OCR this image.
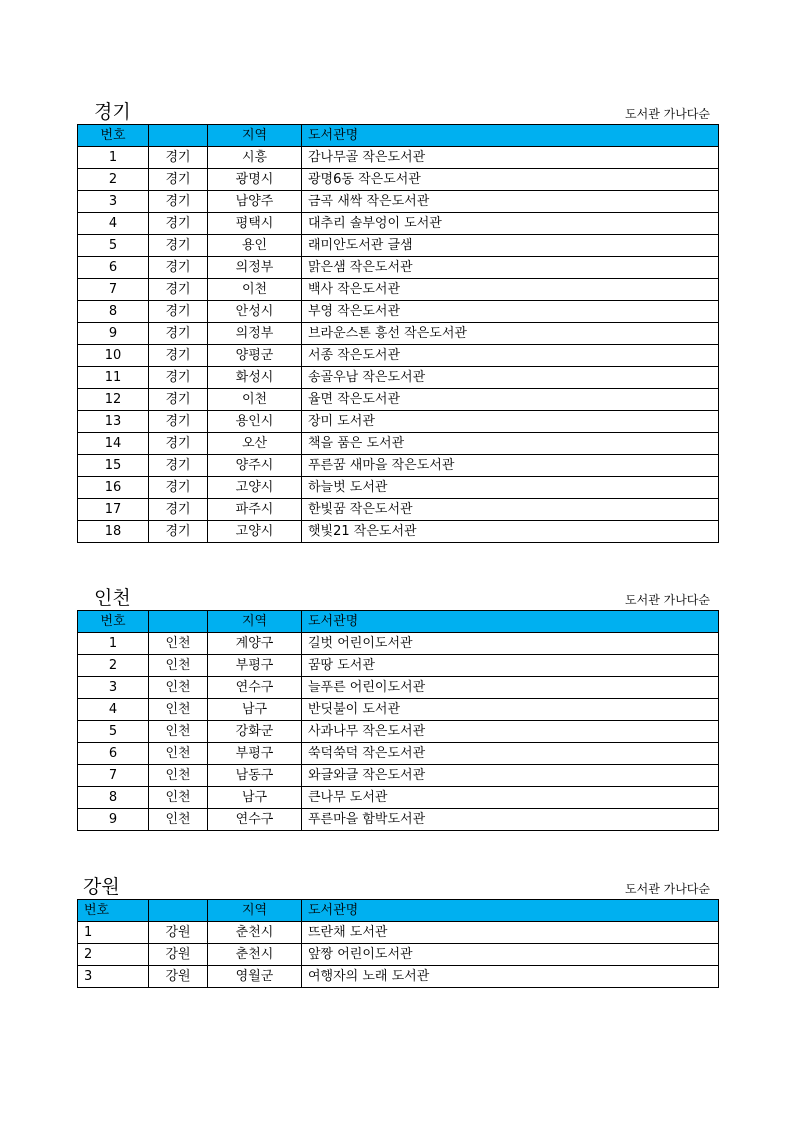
경기	도서관 가나다순
번호		지역	도서관명
1	경기	시흥	감나무골 작은도서관
2	경기	광명시	광명6동 작은도서관
3	경기	남양주	금곡 새싹 작은도서관
4	경기	평택시	대추리 솔부엉이 도서관
5	경기	용인	래미안도서관 글샘
6	경기	의정부	맑은샘 작은도서관
7	경기	이천	백사 작은도서관
8	경기	안성시	부영 작은도서관
9	경기	의정부	브라운스톤 흥선 작은도서관
10	경기	양평군	서종 작은도서관
11	경기	화성시	송골우남 작은도서관
12	경기	이천	율면 작은도서관
13	경기	용인시	장미 도서관
14	경기	오산	책을 품은 도서관
15	경기	양주시	푸른꿈 새마을 작은도서관
16	경기	고양시	하늘벗 도서관
17	경기	파주시	한빛꿈 작은도서관
18	경기	고양시	햇빛21 작은도서관
인천	도서관 가나다순
번호		지역	도서관명
1	인천	계양구	길벗 어린이도서관
2	인천	부평구	꿈땅 도서관
3	인천	연수구	늘푸른 어린이도서관
4	인천	남구	반딧불이 도서관
5	인천	강화군	사과나무 작은도서관
6	인천	부평구	쑥덕쑥덕 작은도서관
7	인천	남동구	와글와글 작은도서관
8	인천	남구	큰나무 도서관
9	인천	연수구	푸른마을 함박도서관
강원	도서관 가나다순
번호		지역	도서관명
1	강원	춘천시	뜨란채 도서관
2	강원	춘천시	앞짱 어린이도서관
3	강원	영월군	여행자의 노래 도서관
